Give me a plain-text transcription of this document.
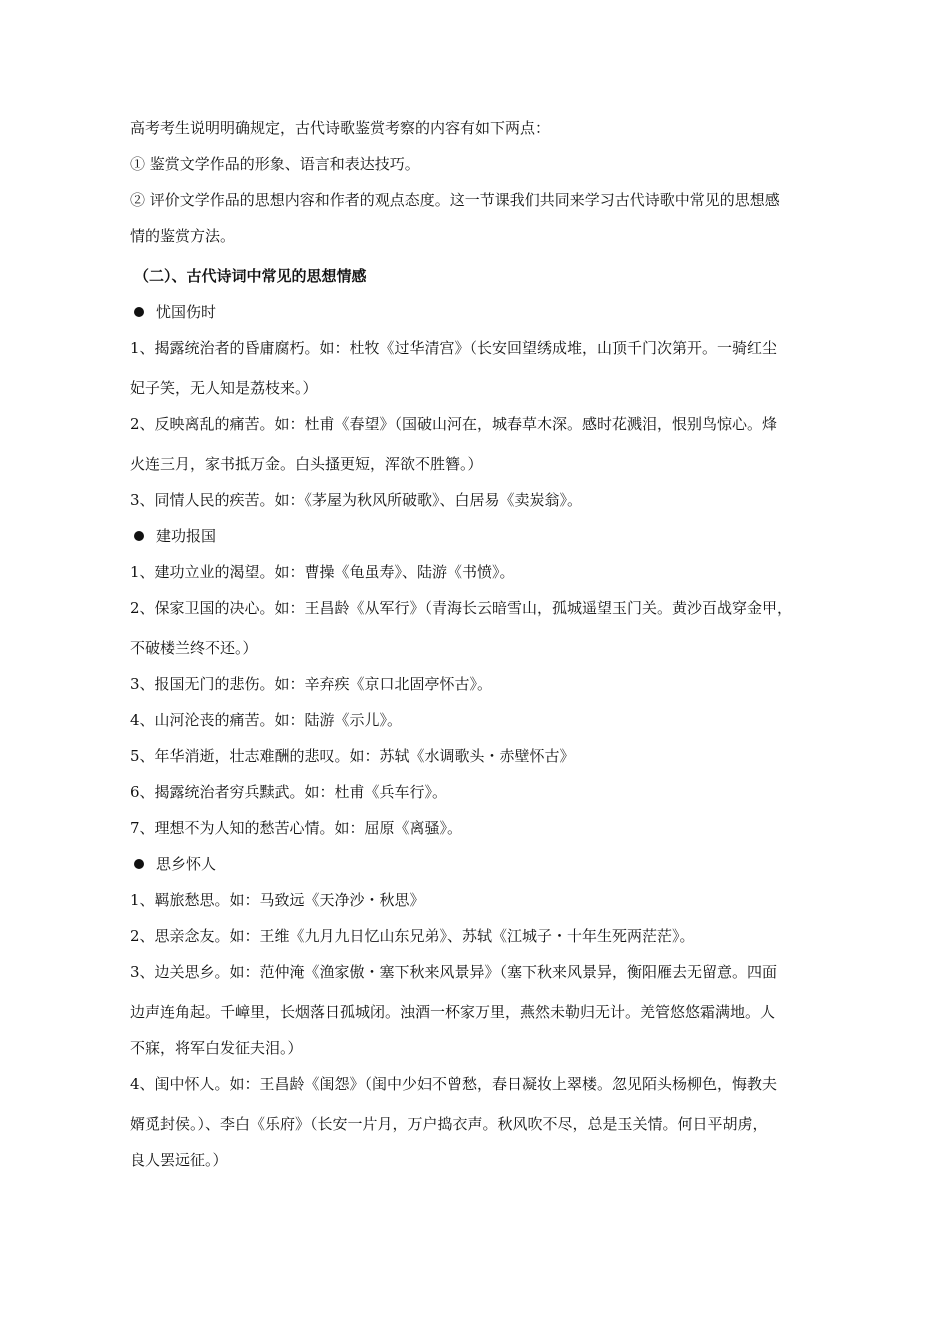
高考考生说明明确规定，古代诗歌鉴赏考察的内容有如下两点：

① 鉴赏文学作品的形象、语言和表达技巧。

② 评价文学作品的思想内容和作者的观点态度。这一节课我们共同来学习古代诗歌中常见的思想感

情的鉴赏方法。

（二）、古代诗词中常见的思想情感

忧国伤时

1、揭露统治者的昏庸腐朽。如：杜牧《过华清宫》（长安回望绣成堆，山顶千门次第开。一骑红尘

妃子笑，无人知是荔枝来。）

2、反映离乱的痛苦。如：杜甫《春望》（国破山河在，城春草木深。感时花溅泪，恨别鸟惊心。烽

火连三月，家书抵万金。白头搔更短，浑欲不胜簪。）

3、同情人民的疾苦。如：《茅屋为秋风所破歌》、白居易《卖炭翁》。

建功报国

1、建功立业的渴望。如：曹操《龟虽寿》、陆游《书愤》。

2、保家卫国的决心。如：王昌龄《从军行》（青海长云暗雪山，孤城遥望玉门关。黄沙百战穿金甲，

不破楼兰终不还。）

3、报国无门的悲伤。如：辛弃疾《京口北固亭怀古》。

4、山河沦丧的痛苦。如：陆游《示儿》。

5、年华消逝，壮志难酬的悲叹。如：苏轼《水调歌头・赤壁怀古》

6、揭露统治者穷兵黩武。如：杜甫《兵车行》。

7、理想不为人知的愁苦心情。如：屈原《离骚》。

思乡怀人

1、羁旅愁思。如：马致远《天净沙・秋思》

2、思亲念友。如：王维《九月九日忆山东兄弟》、苏轼《江城子・十年生死两茫茫》。

3、边关思乡。如：范仲淹《渔家傲・塞下秋来风景异》（塞下秋来风景异，衡阳雁去无留意。四面

边声连角起。千嶂里，长烟落日孤城闭。浊酒一杯家万里，燕然未勒归无计。羌管悠悠霜满地。人

不寐，将军白发征夫泪。）

4、闺中怀人。如：王昌龄《闺怨》（闺中少妇不曾愁，春日凝妆上翠楼。忽见陌头杨柳色，悔教夫

婿觅封侯。）、李白《乐府》（长安一片月，万户捣衣声。秋风吹不尽，总是玉关情。何日平胡虏，

良人罢远征。）
